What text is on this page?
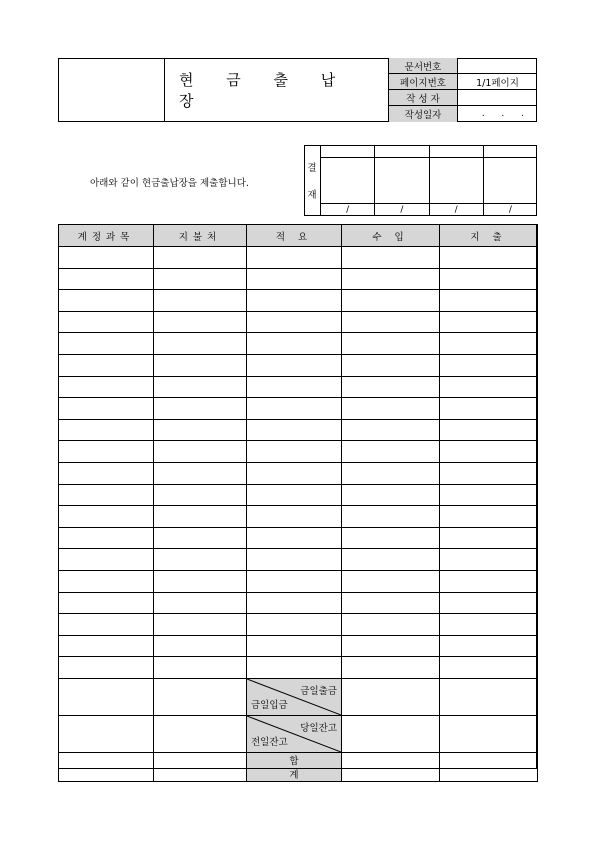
현 금 출 납 장
문서번호
페이지번호	1/1페이지
작 성 자
작성일자	. . .
아래와 같이 현금출납장을 제출합니다.
결
재
/	/	/	/
계정과목	지불처	적 요	수 입	지 출

		금일출금
금일입금		

		당일잔고
전일잔고		

		합 계		
